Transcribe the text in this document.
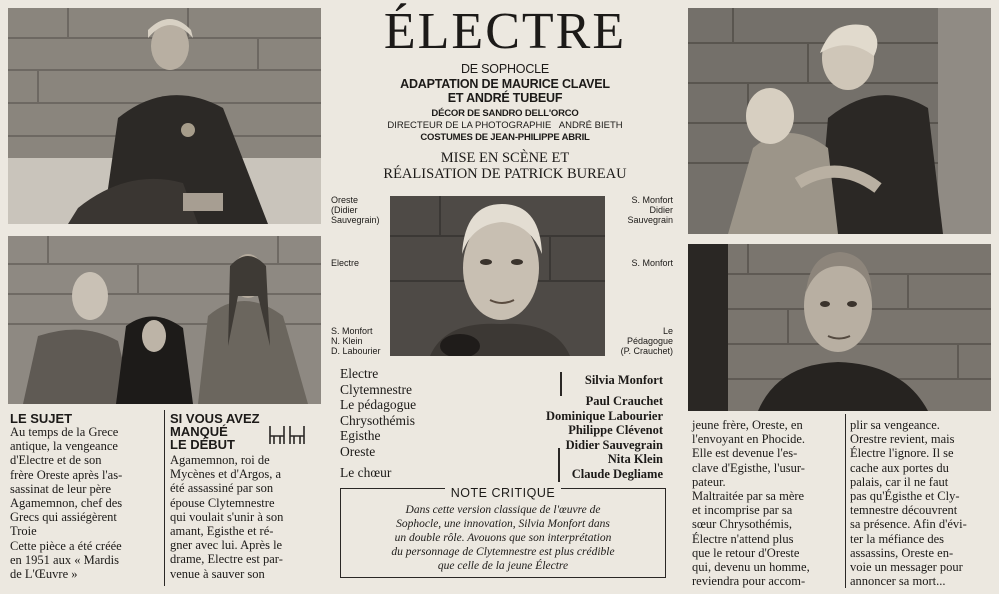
ÉLECTRE
DE SOPHOCLE
ADAPTATION DE MAURICE CLAVEL
ET ANDRÉ TUBEUF
DÉCOR DE SANDRO DELL'ORCO
DIRECTEUR DE LA PHOTOGRAPHIE   ANDRÉ BIETH
COSTUMES DE JEAN-PHILIPPE ABRIL
MISE EN SCÈNE ET
RÉALISATION DE PATRICK BUREAU
Oreste
(Didier
Sauvegrain)
Electre
S. Monfort
N. Klein
D. Labourier
S. Monfort
Didier
Sauvegrain
S. Monfort
Le
Pédagogue
(P. Crauchet)
Electre
Clytemnestre
Le pédagogue
Chrysothémis
Egisthe
Oreste
Le chœur
Silvia Monfort
Paul Crauchet
Dominique Labourier
Philippe Clévenot
Didier Sauvegrain
Nita Klein
Claude Degliame
NOTE CRITIQUE
Dans cette version classique de l'œuvre de
Sophocle, une innovation, Silvia Monfort dans
un double rôle. Avouons que son interprétation
du personnage de Clytemnestre est plus crédible
que celle de la jeune Électre
LE SUJET

Au temps de la Grece

antique, la vengeance

d'Electre et de son

frère Oreste après l'as-

sassinat de leur père

Agamemnon, chef des

Grecs qui assiégèrent

Troie

Cette pièce a été créée

en 1951 aux « Mardis

de L'Œuvre »

SI VOUS AVEZ
MANQUÉ
LE DÉBUT

Agamemnon, roi de

Mycènes et d'Argos, a

été assassiné par son

épouse Clytemnestre

qui voulait s'unir à son

amant, Egisthe et ré-

gner avec lui. Après le

drame, Electre est par-

venue à sauver son

jeune frère, Oreste, en

l'envoyant en Phocide.

Elle est devenue l'es-

clave d'Egisthe, l'usur-

pateur.

Maltraitée par sa mère

et incomprise par sa

sœur Chrysothémis,

Électre n'attend plus

que le retour d'Oreste

qui, devenu un homme,

reviendra pour accom-

plir sa vengeance.

Orestre revient, mais

Électre l'ignore. Il se

cache aux portes du

palais, car il ne faut

pas qu'Égisthe et Cly-

temnestre découvrent

sa présence. Afin d'évi-

ter la méfiance des

assassins, Oreste en-

voie un messager pour

annoncer sa mort...
